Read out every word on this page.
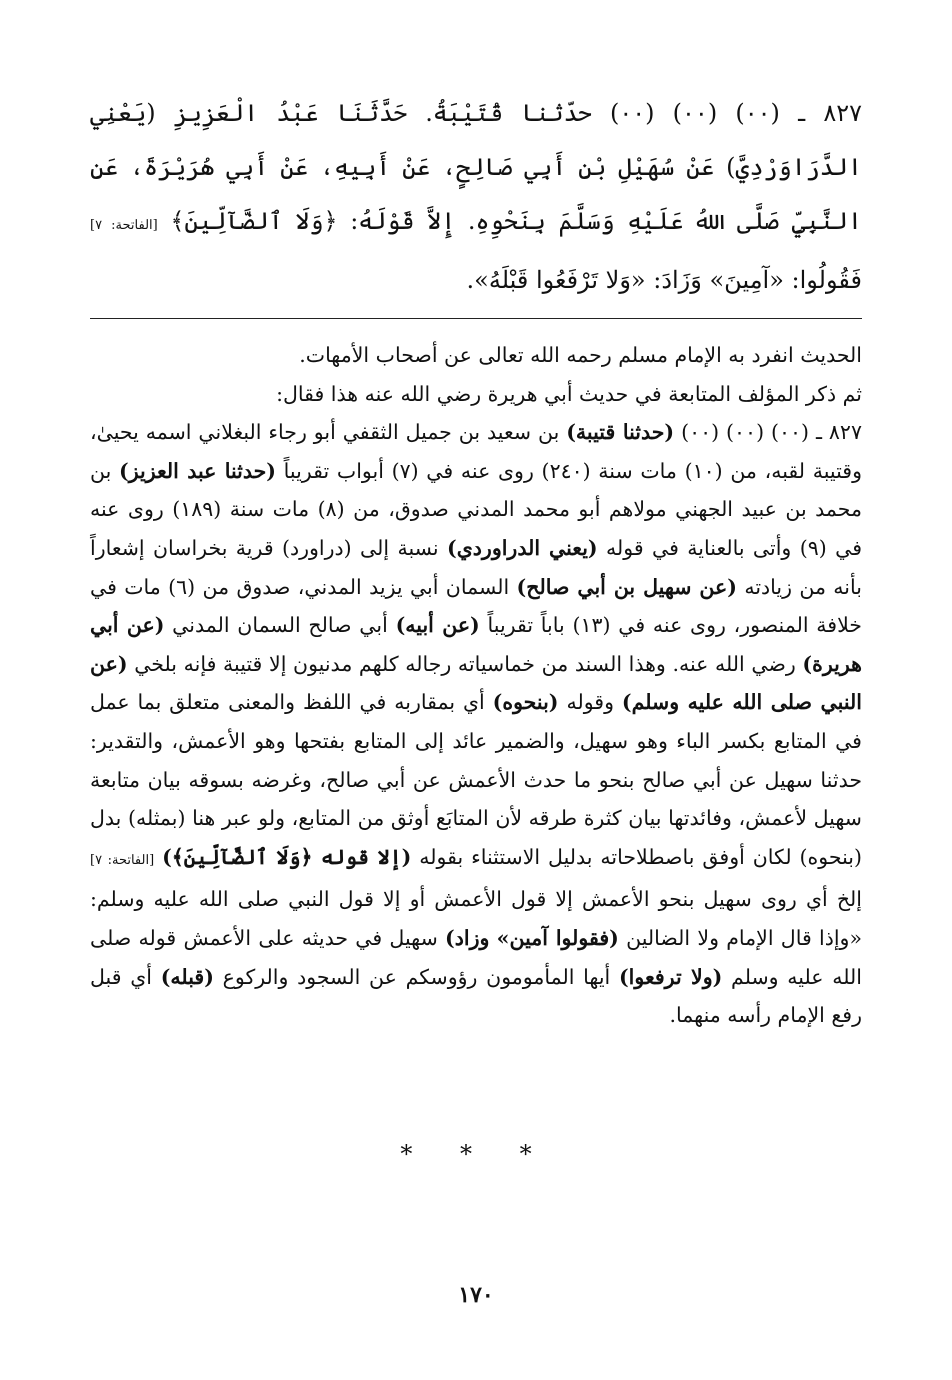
٨٢٧ ـ (٠٠) (٠٠) (٠٠) حدّثنا قُتَيْبَةُ. حَدَّثَنَا عَبْدُ الْعَزِيزِ (يَعْنِي الدَّرَاوَرْدِيَّ) عَنْ سُهَيْلِ بْنِ أَبِي صَالِحٍ، عَنْ أَبِيهِ، عَنْ أَبِي هُرَيْرَةَ، عَنِ النَّبِيِّ صَلَّى اللهُ عَلَيْهِ وَسَلَّمَ بِنَحْوِهِ. إِلاَّ قَوْلَهُ: ﴿وَلَا ٱلضَّآلِّينَ﴾ [الفاتحة: ٧] فَقُولُوا: «آمِينَ» وَزَادَ: «وَلا تَرْفَعُوا قَبْلَهُ».

الحديث انفرد به الإمام مسلم رحمه الله تعالى عن أصحاب الأمهات.

ثم ذكر المؤلف المتابعة في حديث أبي هريرة رضي الله عنه هذا فقال:

٨٢٧ ـ (٠٠) (٠٠) (٠٠) (حدثنا قتيبة) بن سعيد بن جميل الثقفي أبو رجاء البغلاني اسمه يحيىٰ، وقتيبة لقبه، من (١٠) مات سنة (٢٤٠) روى عنه في (٧) أبواب تقريباً (حدثنا عبد العزيز) بن محمد بن عبيد الجهني مولاهم أبو محمد المدني صدوق، من (٨) مات سنة (١٨٩) روى عنه في (٩) وأتى بالعناية في قوله (يعني الدراوردي) نسبة إلى (دراورد) قرية بخراسان إشعاراً بأنه من زيادته (عن سهيل بن أبي صالح) السمان أبي يزيد المدني، صدوق من (٦) مات في خلافة المنصور، روى عنه في (١٣) باباً تقريباً (عن أبيه) أبي صالح السمان المدني (عن أبي هريرة) رضي الله عنه. وهذا السند من خماسياته رجاله كلهم مدنيون إلا قتيبة فإنه بلخي (عن النبي صلى الله عليه وسلم) وقوله (بنحوه) أي بمقاربه في اللفظ والمعنى متعلق بما عمل في المتابع بكسر الباء وهو سهيل، والضمير عائد إلى المتابع بفتحها وهو الأعمش، والتقدير: حدثنا سهيل عن أبي صالح بنحو ما حدث الأعمش عن أبي صالح، وغرضه بسوقه بيان متابعة سهيل لأعمش، وفائدتها بيان كثرة طرقه لأن المتابَع أوثق من المتابع، ولو عبر هنا (بمثله) بدل (بنحوه) لكان أوفق باصطلاحاته بدليل الاستثناء بقوله (إلا قوله ﴿وَلَا ٱلضَّآلِّينَ﴾) [الفاتحة: ٧] إلخ أي روى سهيل بنحو الأعمش إلا قول الأعمش أو إلا قول النبي صلى الله عليه وسلم: «وإذا قال الإمام ولا الضالين (فقولوا آمين» وزاد) سهيل في حديثه على الأعمش قوله صلى الله عليه وسلم (ولا ترفعوا) أيها المأمومون رؤوسكم عن السجود والركوع (قبله) أي قبل رفع الإمام رأسه منهما.

* * *
١٧٠
